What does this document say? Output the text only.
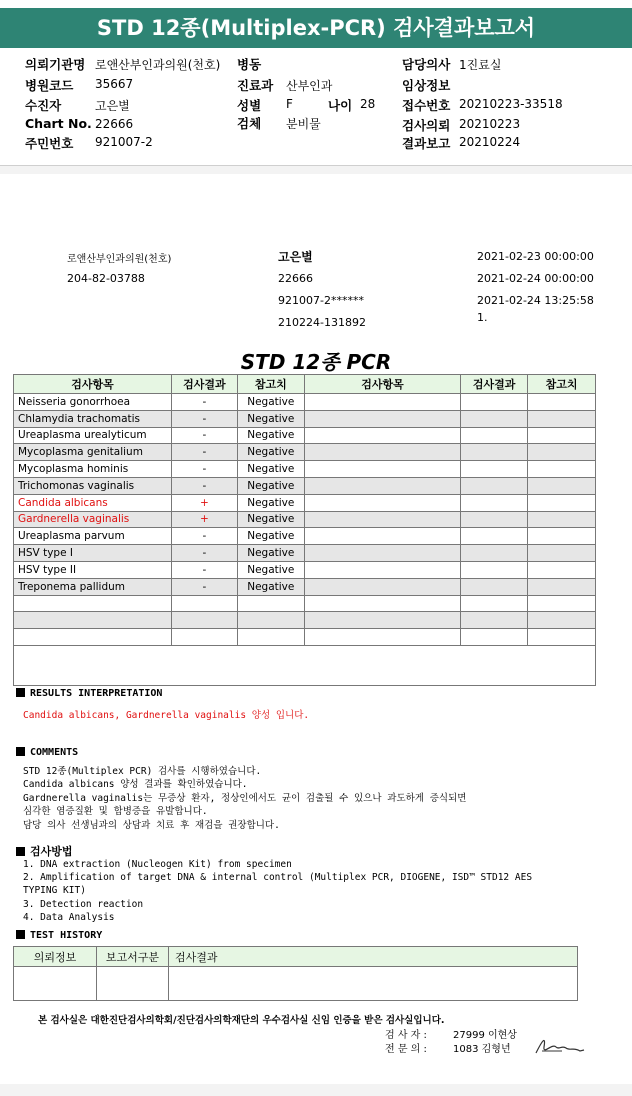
STD 12종(Multiplex-PCR) 검사결과보고서
의뢰기관명 로앤산부인과의원(천호)
병원코드 35667
수진자	고은별
Chart No. 22666
주민번호 921007-2
병동
진료과 산부인과
성별 F	나이 28
검체 분비물
담당의사 1진료실
임상정보
접수번호 20210223-33518
검사의뢰 20210223
결과보고 20210224
로앤산부인과의원(천호)
204-82-03788
고은별
22666
921007-2******
210224-131892
2021-02-23 00:00:00
2021-02-24 00:00:00
2021-02-24 13:25:58
1.
STD 12종 PCR
검사항목	검사결과	참고치	검사항목	검사결과	참고치
Neisseria gonorrhoea	-	Negative			
Chlamydia trachomatis	-	Negative			
Ureaplasma urealyticum	-	Negative			
Mycoplasma genitalium	-	Negative			
Mycoplasma hominis	-	Negative			
Trichomonas vaginalis	-	Negative			
Candida albicans	+	Negative			
Gardnerella vaginalis	+	Negative			
Ureaplasma parvum	-	Negative			
HSV type I	-	Negative			
HSV type II	-	Negative			
Treponema pallidum	-	Negative			

RESULTS INTERPRETATION
Candida albicans, Gardnerella vaginalis 양성 입니다.
COMMENTS
STD 12종(Multiplex PCR) 검사를 시행하였습니다.
Candida albicans 양성 결과를 확인하였습니다.
Gardnerella vaginalis는 무증상 환자, 정상인에서도 균이 검출될 수 있으나 과도하게 증식되면
심각한 염증질환 및 합병증을 유발합니다.
담당 의사 선생님과의 상담과 치료 후 재검을 권장합니다.
검사방법
1. DNA extraction (Nucleogen Kit) from specimen
2. Amplification of target DNA & internal control (Multiplex PCR, DIOGENE, ISD™ STD12 AES
TYPING KIT)
3. Detection reaction
4. Data Analysis
TEST HISTORY
의뢰정보	보고서구분	검사결과

본 검사실은 대한진단검사의학회/진단검사의학재단의 우수검사실 신임 인증을 받은 검사실입니다.
검 사 자 :	27999 이현상
전 문 의 :	1083 김형년
